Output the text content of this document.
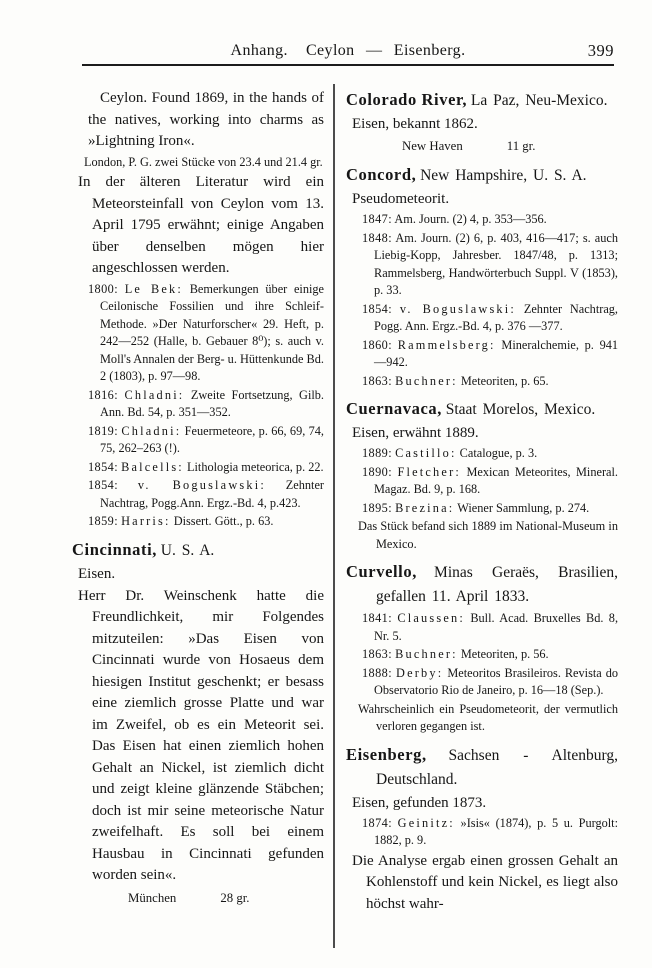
Anhang. Ceylon — Eisenberg.	399

Ceylon. Found 1869, in the hands of the natives, working into charms as »Lightning Iron«.

London, P. G. zwei Stücke von 23.4 und 21.4 gr.

In der älteren Literatur wird ein Meteorsteinfall von Ceylon vom 13. April 1795 erwähnt; einige Angaben über denselben mögen hier angeschlossen werden.

1800: Le Bek: Bemerkungen über einige Ceilonische Fossilien und ihre Schleif-Methode. »Der Naturforscher« 29. Heft, p. 242—252 (Halle, b. Gebauer 8⁰); s. auch v. Moll's Annalen der Berg- u. Hüttenkunde Bd. 2 (1803), p. 97—98.

1816: Chladni: Zweite Fortsetzung, Gilb. Ann. Bd. 54, p. 351—352.

1819: Chladni: Feuermeteore, p. 66, 69, 74, 75, 262–263 (!).

1854: Balcells: Lithologia meteorica, p. 22.

1854: v. Boguslawski: Zehnter Nachtrag, Pogg.Ann. Ergz.-Bd. 4, p.423.

1859: Harris: Dissert. Gött., p. 63.

Cincinnati, U. S. A.

Eisen.

Herr Dr. Weinschenk hatte die Freundlichkeit, mir Folgendes mitzuteilen: »Das Eisen von Cincinnati wurde von Hosaeus dem hiesigen Institut geschenkt; er besass eine ziemlich grosse Platte und war im Zweifel, ob es ein Meteorit sei. Das Eisen hat einen ziemlich hohen Gehalt an Nickel, ist ziemlich dicht und zeigt kleine glänzende Stäbchen; doch ist mir seine meteorische Natur zweifelhaft. Es soll bei einem Hausbau in Cincinnati gefunden worden sein«.

München	28 gr.

Colorado River, La Paz, Neu-Mexico.

Eisen, bekannt 1862.

New Haven	11 gr.

Concord, New Hampshire, U. S. A.

Pseudometeorit.

1847: Am. Journ. (2) 4, p. 353—356.

1848: Am. Journ. (2) 6, p. 403, 416—417; s. auch Liebig-Kopp, Jahresber. 1847/48, p. 1313; Rammelsberg, Handwörterbuch Suppl. V (1853), p. 33.

1854: v. Boguslawski: Zehnter Nachtrag, Pogg. Ann. Ergz.-Bd. 4, p. 376 —377.

1860: Rammelsberg: Mineralchemie, p. 941—942.

1863: Buchner: Meteoriten, p. 65.

Cuernavaca, Staat Morelos, Mexico.

Eisen, erwähnt 1889.

1889: Castillo: Catalogue, p. 3.

1890: Fletcher: Mexican Meteorites, Mineral. Magaz. Bd. 9, p. 168.

1895: Brezina: Wiener Sammlung, p. 274.

Das Stück befand sich 1889 im National-Museum in Mexico.

Curvello, Minas Geraës, Brasilien, gefallen 11. April 1833.

1841: Claussen: Bull. Acad. Bruxelles Bd. 8, Nr. 5.

1863: Buchner: Meteoriten, p. 56.

1888: Derby: Meteoritos Brasileiros. Revista do Observatorio Rio de Janeiro, p. 16—18 (Sep.).

Wahrscheinlich ein Pseudometeorit, der vermutlich verloren gegangen ist.

Eisenberg, Sachsen - Altenburg, Deutschland.

Eisen, gefunden 1873.

1874: Geinitz: »Isis« (1874), p. 5 u. Purgolt: 1882, p. 9.

Die Analyse ergab einen grossen Gehalt an Kohlenstoff und kein Nickel, es liegt also höchst wahr-
